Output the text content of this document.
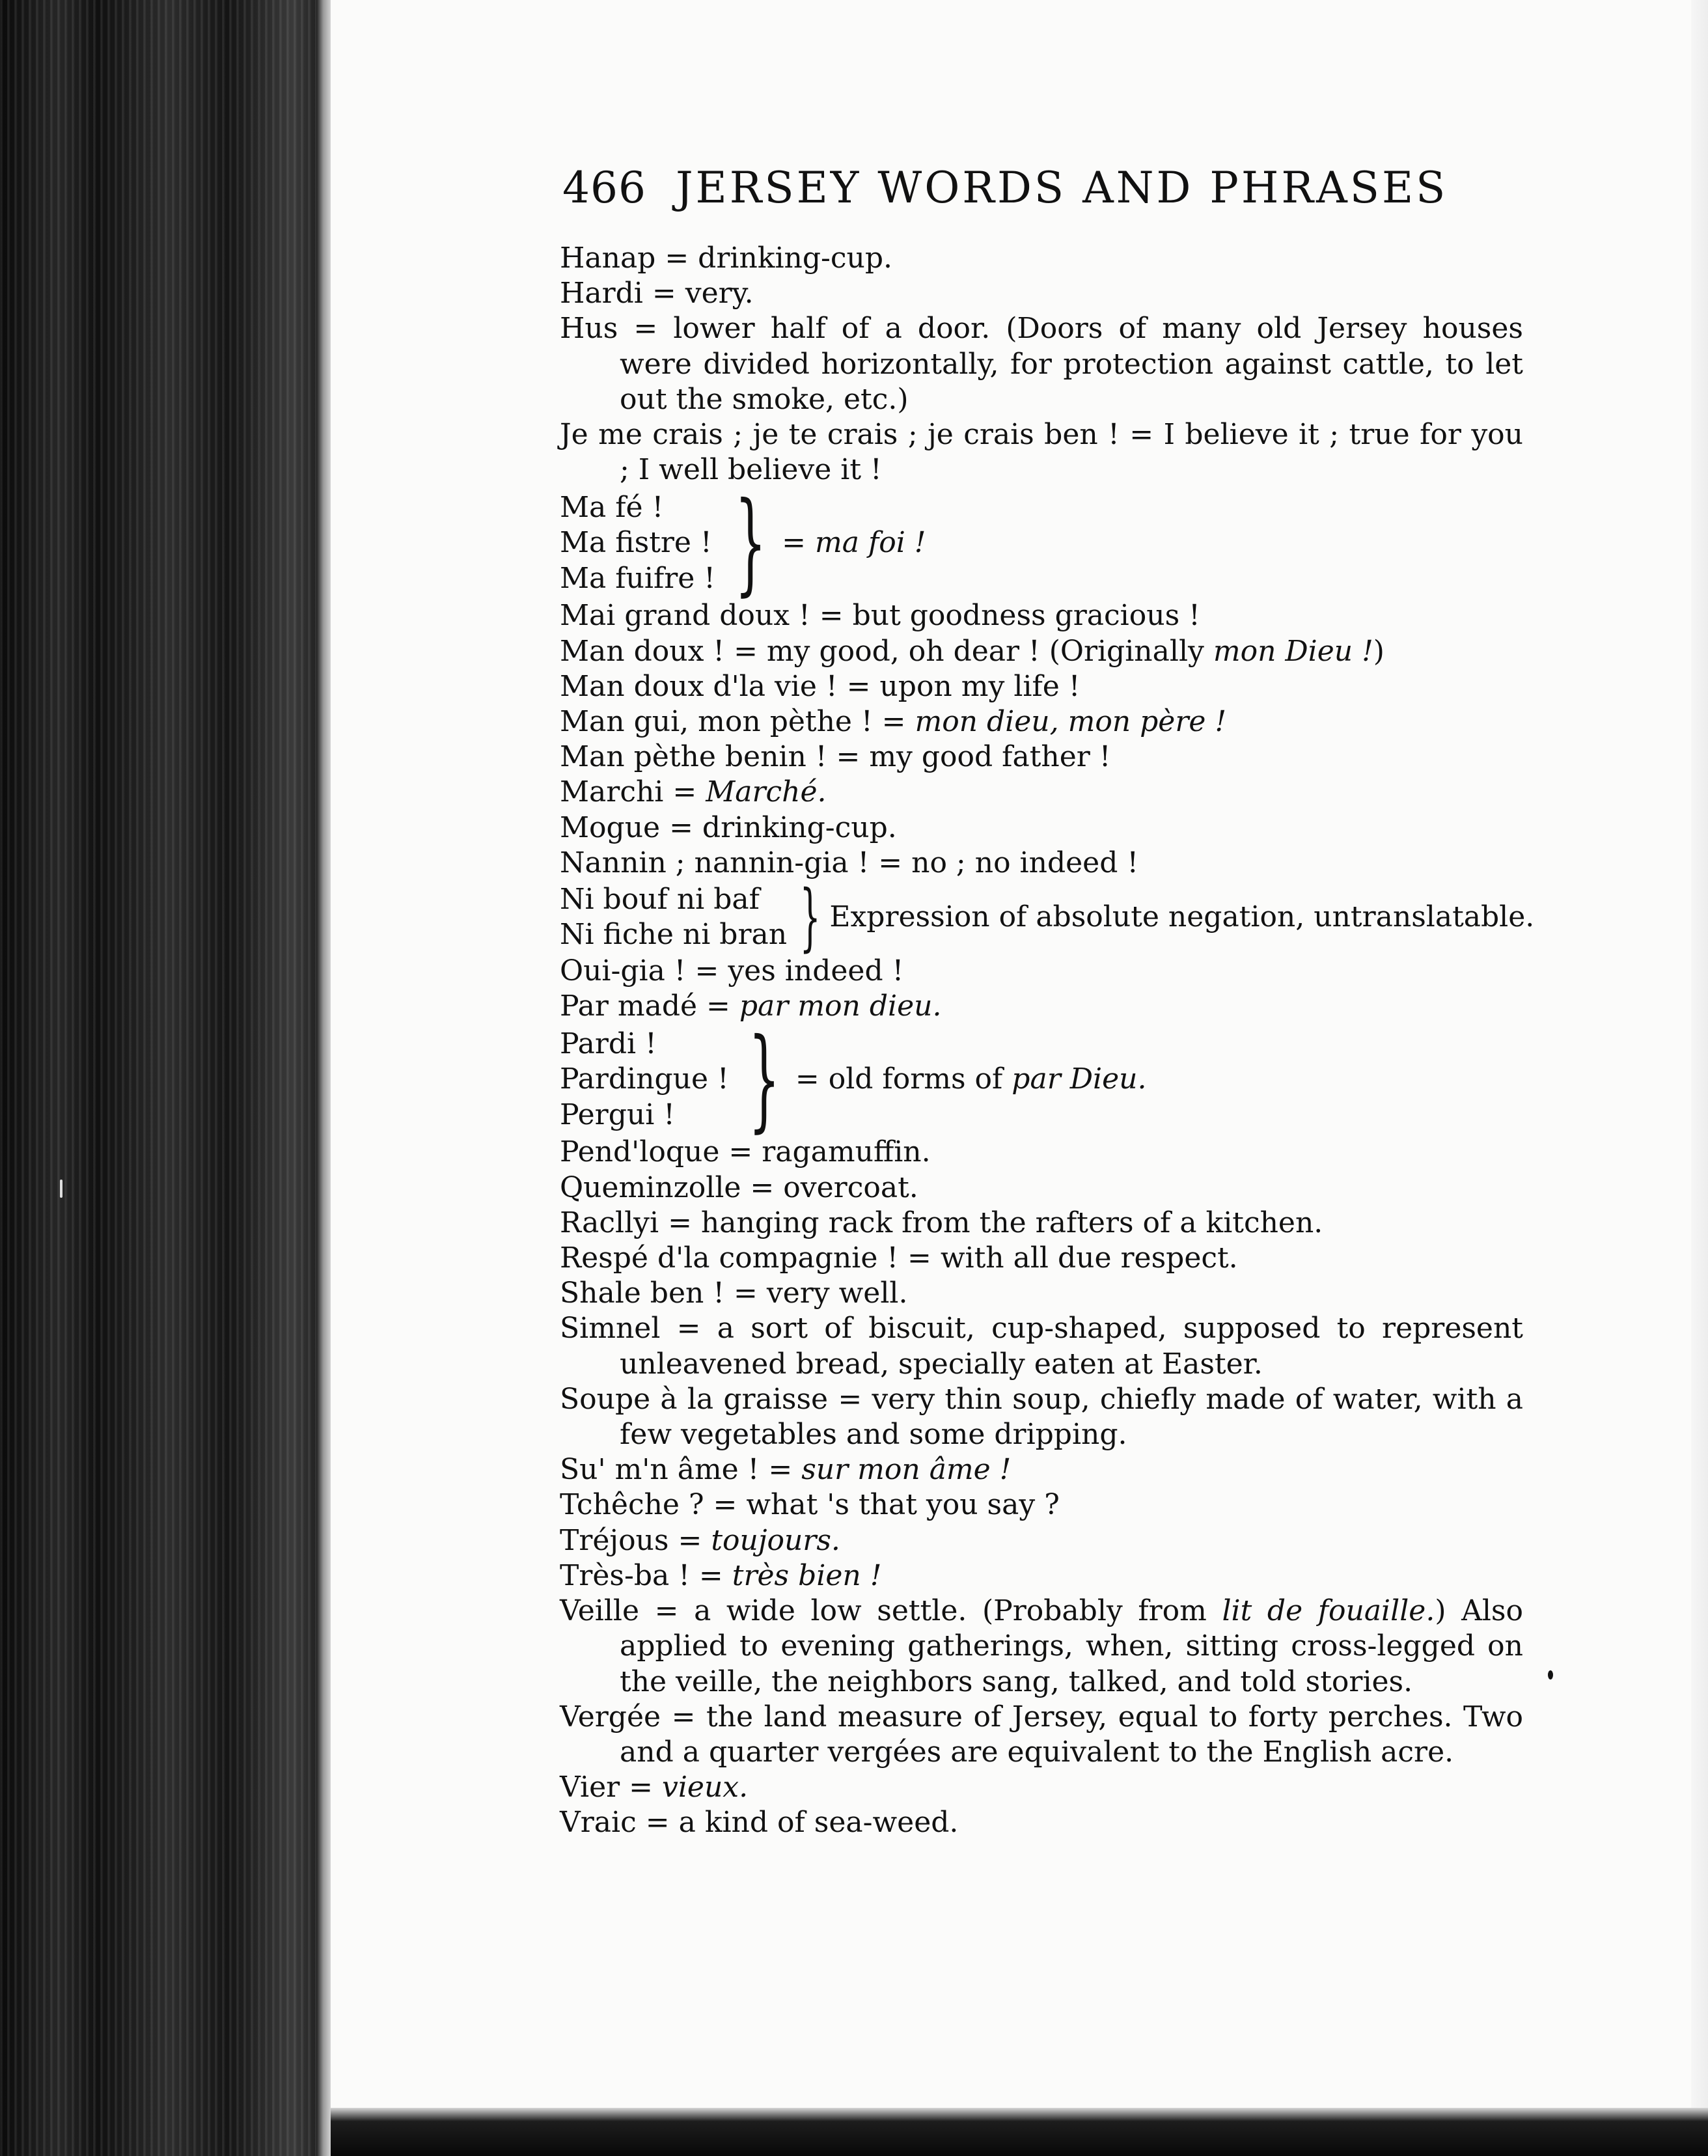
466 JERSEY WORDS AND PHRASES
Hanap = drinking-cup.
Hardi = very.
Hus = lower half of a door. (Doors of many old Jersey houses were divided horizontally, for protection against cattle, to let out the smoke, etc.)
Je me crais ; je te crais ; je crais ben ! = I believe it ; true for you ; I well believe it !
Ma fé !
Ma fistre !
Ma fuifre ! } = ma foi !
Mai grand doux ! = but goodness gracious !
Man doux ! = my good, oh dear ! (Originally mon Dieu !)
Man doux d'la vie ! = upon my life !
Man gui, mon pèthe ! = mon dieu, mon père !
Man pèthe benin ! = my good father !
Marchi = Marché.
Mogue = drinking-cup.
Nannin ; nannin-gia ! = no ; no indeed !
Ni bouf ni baf
Ni fiche ni bran } Expression of absolute negation, untranslatable.
Oui-gia ! = yes indeed !
Par madé = par mon dieu.
Pardi !
Pardingue !
Pergui ! } = old forms of par Dieu.
Pend'loque = ragamuffin.
Queminzolle = overcoat.
Racllyi = hanging rack from the rafters of a kitchen.
Respé d'la compagnie ! = with all due respect.
Shale ben ! = very well.
Simnel = a sort of biscuit, cup-shaped, supposed to represent unleavened bread, specially eaten at Easter.
Soupe à la graisse = very thin soup, chiefly made of water, with a few vegetables and some dripping.
Su' m'n âme ! = sur mon âme !
Tchêche ? = what 's that you say ?
Tréjous = toujours.
Très-ba ! = très bien !
Veille = a wide low settle. (Probably from lit de fouaille.) Also applied to evening gatherings, when, sitting cross-legged on the veille, the neighbors sang, talked, and told stories.
Vergée = the land measure of Jersey, equal to forty perches. Two and a quarter vergées are equivalent to the English acre.
Vier = vieux.
Vraic = a kind of sea-weed.
